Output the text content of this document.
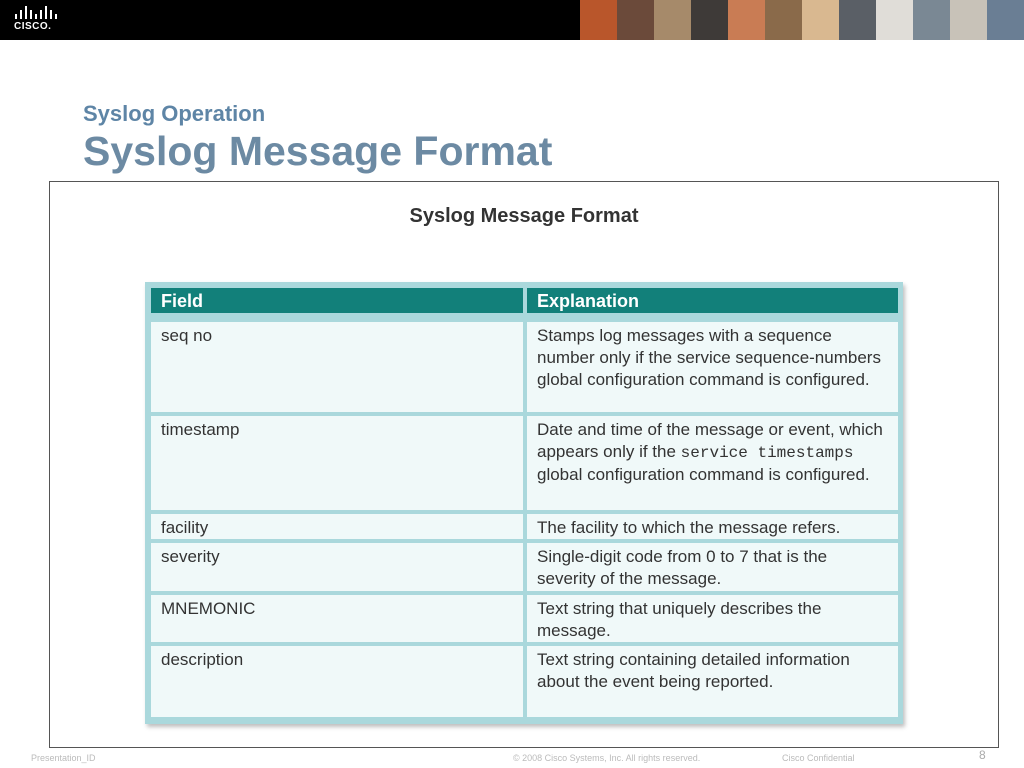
CISCO.
Syslog Operation
Syslog Message Format
Syslog Message Format
Field	Explanation
seq no	Stamps log messages with a sequence number only if the service sequence-numbers global configuration command is configured.
timestamp	Date and time of the message or event, which appears only if the service timestamps global configuration command is configured.
facility	The facility to which the message refers.
severity	Single-digit code from 0 to 7 that is the severity of the message.
MNEMONIC	Text string that uniquely describes the message.
description	Text string containing detailed information about the event being reported.
Presentation_ID	© 2008 Cisco Systems, Inc. All rights reserved.	Cisco Confidential	8
